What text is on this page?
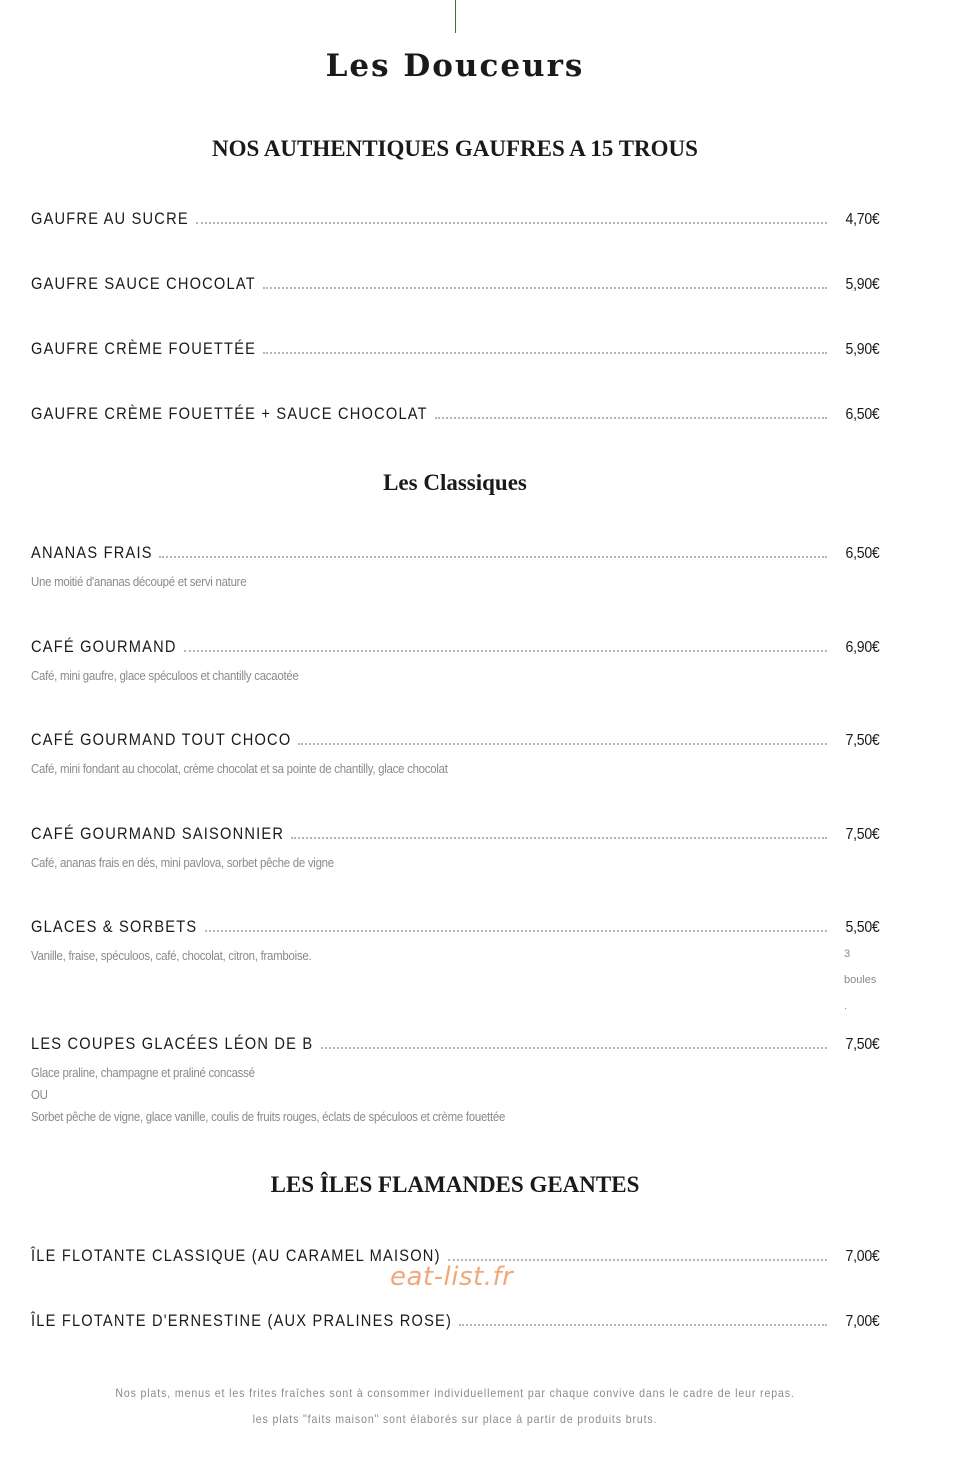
Les Douceurs
NOS AUTHENTIQUES GAUFRES A 15 TROUS
GAUFRE AU SUCRE	4,70€
GAUFRE SAUCE CHOCOLAT	5,90€
GAUFRE CRÈME FOUETTÉE	5,90€
GAUFRE CRÈME FOUETTÉE + SAUCE CHOCOLAT	6,50€
Les Classiques
ANANAS FRAIS	6,50€
Une moitié d'ananas découpé et servi nature
CAFÉ GOURMAND	6,90€
Café, mini gaufre, glace spéculoos et chantilly cacaotée
CAFÉ GOURMAND TOUT CHOCO	7,50€
Café, mini fondant au chocolat, crème chocolat et sa pointe de chantilly, glace chocolat
CAFÉ GOURMAND SAISONNIER	7,50€
Café, ananas frais en dés, mini pavlova, sorbet pêche de vigne
GLACES & SORBETS	5,50€
Vanille, fraise, spéculoos, café, chocolat, citron, framboise.	3
boules .
LES COUPES GLACÉES LÉON DE B	7,50€
Glace praline, champagne et praliné concassé
OU
Sorbet pêche de vigne, glace vanille, coulis de fruits rouges, éclats de spéculoos et crème fouettée
LES ÎLES FLAMANDES GEANTES
ÎLE FLOTANTE CLASSIQUE (AU CARAMEL MAISON)	7,00€
ÎLE FLOTANTE D'ERNESTINE (AUX PRALINES ROSE)	7,00€
eat-list.fr
Nos plats, menus et les frites fraîches sont à consommer individuellement par chaque convive dans le cadre de leur repas.
les plats "faits maison" sont élaborés sur place à partir de produits bruts.
